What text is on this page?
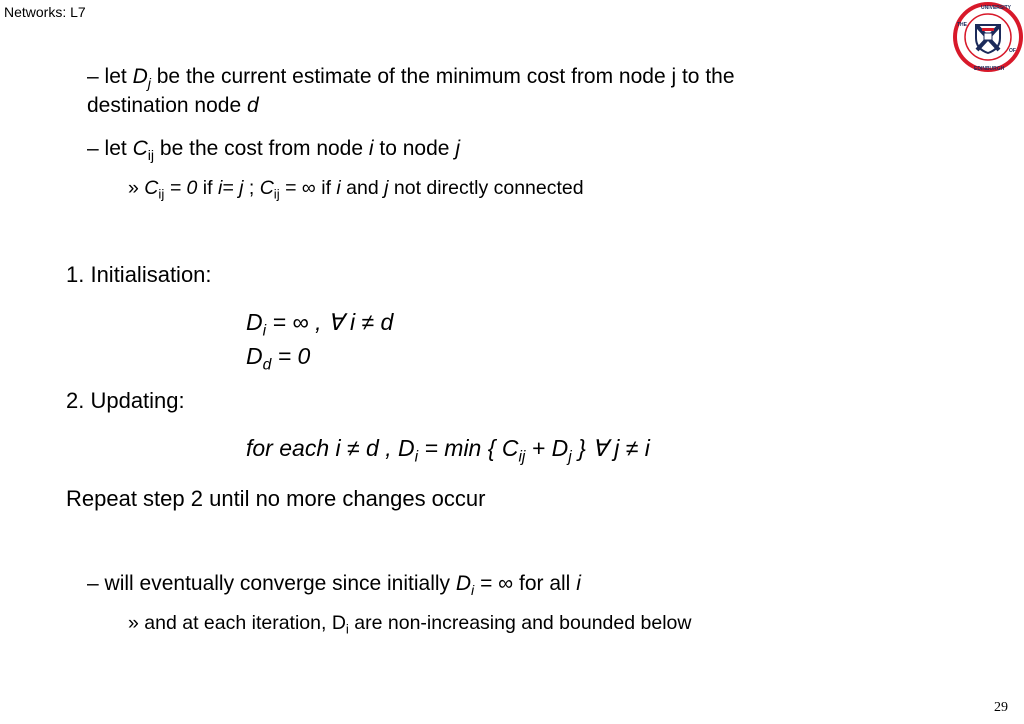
Networks: L7	UNIVERSITY
EDINBURGH
THE
OF
– let $D_j$ be the current estimate of the minimum cost from node j to the
destination node d
– let $C_{ij}$ be the cost from node i to node j
» $C_{ij} = 0$ if i= j ; $C_{ij}$ = ∞ if i and j not directly connected
1. Initialisation:
$D_i$ = ∞ , ∀ i ≠ d
$D_d = 0$
2. Updating:
for each i ≠ d , $D_i = \min$ { $C_{ij} + D_j$ } ∀ j ≠ i
Repeat step 2 until no more changes occur
– will eventually converge since initially $D_i$ = ∞ for all i
» and at each iteration, $D_i$ are non-increasing and bounded below
29
